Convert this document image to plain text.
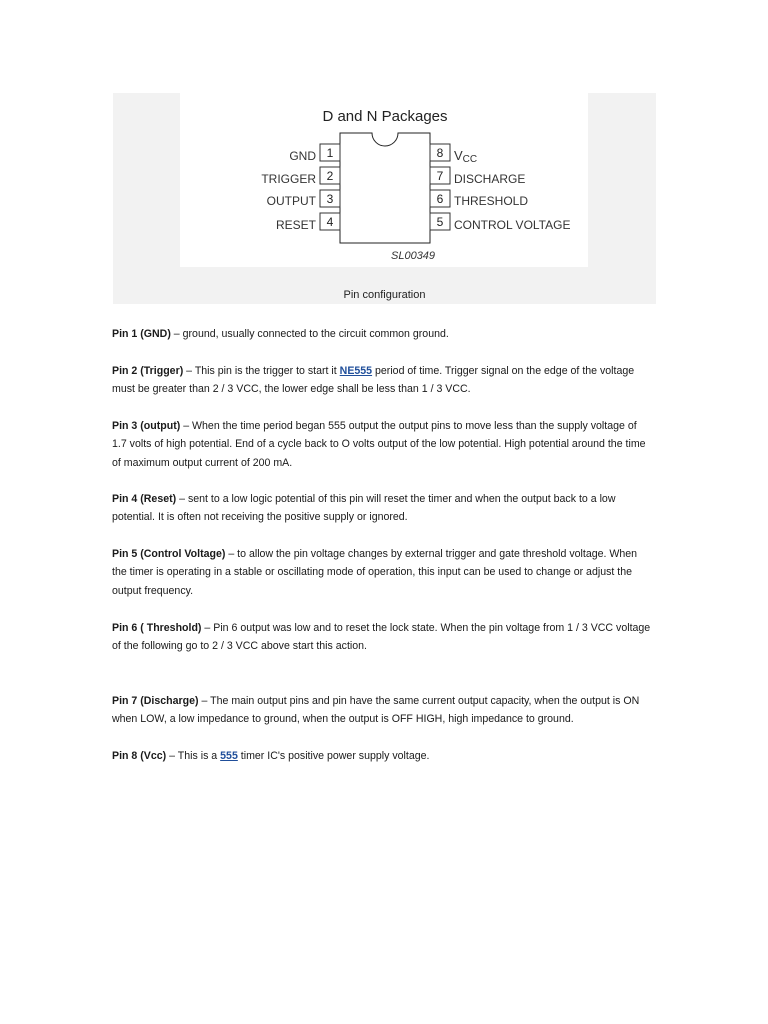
D and N Packages
1
GND
2
TRIGGER
3
OUTPUT
4
RESET
8 VCC
7 DISCHARGE
6 THRESHOLD
5 CONTROL VOLTAGE
SL00349
Pin configuration

Pin 1 (GND) – ground, usually connected to the circuit common ground.

Pin 2 (Trigger) – This pin is the trigger to start it NE555 period of time. Trigger signal on the edge of the voltage must be greater than 2 / 3 VCC, the lower edge shall be less than 1 / 3 VCC.

Pin 3 (output) – When the time period began 555 output the output pins to move less than the supply voltage of 1.7 volts of high potential. End of a cycle back to O volts output of the low potential. High potential around the time of maximum output current of 200 mA.

Pin 4 (Reset) – sent to a low logic potential of this pin will reset the timer and when the output back to a low potential. It is often not receiving the positive supply or ignored.

Pin 5 (Control Voltage) – to allow the pin voltage changes by external trigger and gate threshold voltage. When the timer is operating in a stable or oscillating mode of operation, this input can be used to change or adjust the output frequency.

Pin 6 ( Threshold) – Pin 6 output was low and to reset the lock state. When the pin voltage from 1 / 3 VCC voltage of the following go to 2 / 3 VCC above start this action.

Pin 7 (Discharge) – The main output pins and pin have the same current output capacity, when the output is ON when LOW, a low impedance to ground, when the output is OFF HIGH, high impedance to ground.

Pin 8 (Vcc) – This is a 555 timer IC's positive power supply voltage.
